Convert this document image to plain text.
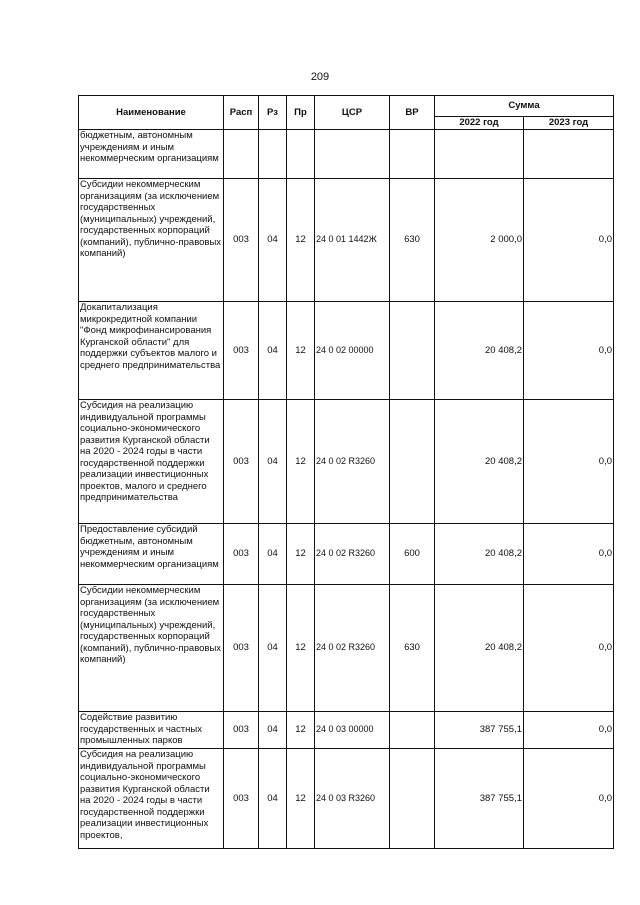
209
Наименование	Расп	Рз	Пр	ЦСР	ВР	Сумма	
						2022 год	2023 год
бюджетным, автономным учреждениям и иным некоммерческим организациям							
Субсидии некоммерческим организациям (за исключением государственных (муниципальных) учреждений, государственных корпораций (компаний), публично-правовых компаний)	003	04	12	24 0 01 1442Ж	630	2 000,0	0,0
Докапитализация микрокредитной компании "Фонд микрофинансирования Курганской области" для поддержки субъектов малого и среднего предпринимательства	003	04	12	24 0 02 00000		20 408,2	0,0
Субсидия на реализацию индивидуальной программы социально-экономического развития Курганской области на 2020 - 2024 годы в части государственной поддержки реализации инвестиционных проектов, малого и среднего предпринимательства	003	04	12	24 0 02 R3260		20 408,2	0,0
Предоставление субсидий бюджетным, автономным учреждениям и иным некоммерческим организациям	003	04	12	24 0 02 R3260	600	20 408,2	0,0
Субсидии некоммерческим организациям (за исключением государственных (муниципальных) учреждений, государственных корпораций (компаний), публично-правовых компаний)	003	04	12	24 0 02 R3260	630	20 408,2	0,0
Содействие развитию государственных и частных промышленных парков	003	04	12	24 0 03 00000		387 755,1	0,0
Субсидия на реализацию индивидуальной программы социально-экономического развития Курганской области на 2020 - 2024 годы в части государственной поддержки реализации инвестиционных проектов,	003	04	12	24 0 03 R3260		387 755,1	0,0
